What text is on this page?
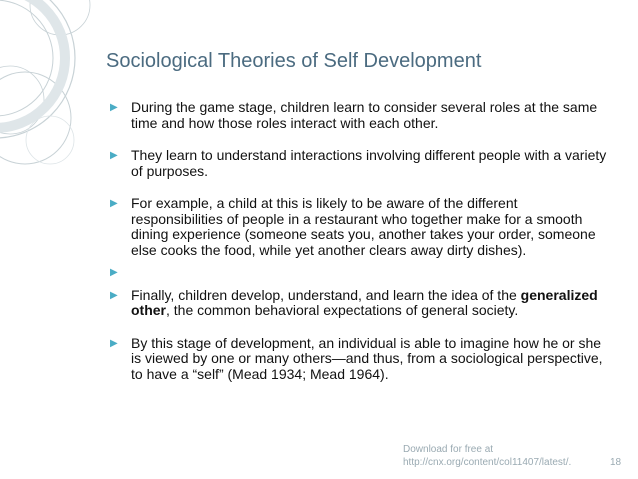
Sociological Theories of Self Development
▶ During the game stage, children learn to consider several roles at the same time and how those roles interact with each other.
▶ They learn to understand interactions involving different people with a variety of purposes.
▶ For example, a child at this is likely to be aware of the different responsibilities of people in a restaurant who together make for a smooth dining experience (someone seats you, another takes your order, someone else cooks the food, while yet another clears away dirty dishes).
▶

▶ Finally, children develop, understand, and learn the idea of the generalized other, the common behavioral expectations of general society.
▶ By this stage of development, an individual is able to imagine how he or she is viewed by one or many others—and thus, from a sociological perspective, to have a “self” (Mead 1934; Mead 1964).
Download for free at
http://cnx.org/content/col11407/latest/.	18
